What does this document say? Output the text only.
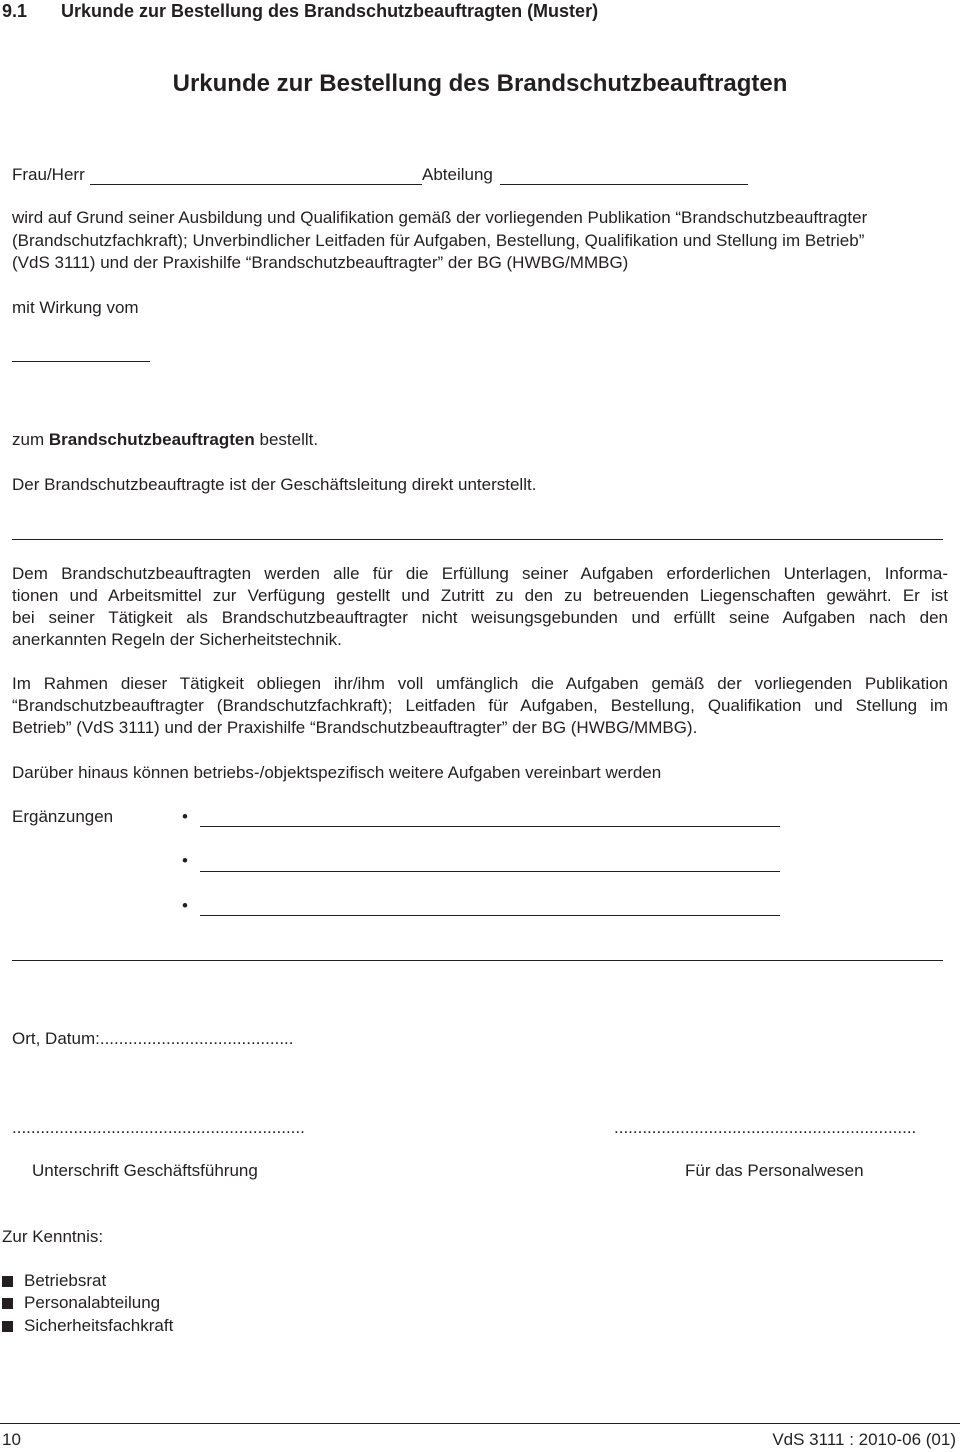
9.1 Urkunde zur Bestellung des Brandschutzbeauftragten (Muster)
Urkunde zur Bestellung des Brandschutzbeauftragten
Frau/Herr	Abteilung
wird auf Grund seiner Ausbildung und Qualifikation gemäß der vorliegenden Publikation “Brandschutzbeauftragter
(Brandschutzfachkraft); Unverbindlicher Leitfaden für Aufgaben, Bestellung, Qualifikation und Stellung im Betrieb”
(VdS 3111) und der Praxishilfe “Brandschutzbeauftragter” der BG (HWBG/MMBG)
mit Wirkung vom
zum Brandschutzbeauftragten bestellt.
Der Brandschutzbeauftragte ist der Geschäftsleitung direkt unterstellt.
Dem Brandschutzbeauftragten werden alle für die Erfüllung seiner Aufgaben erforderlichen Unterlagen, Informa-
tionen und Arbeitsmittel zur Verfügung gestellt und Zutritt zu den zu betreuenden Liegenschaften gewährt. Er ist
bei seiner Tätigkeit als Brandschutzbeauftragter nicht weisungsgebunden und erfüllt seine Aufgaben nach den
anerkannten Regeln der Sicherheitstechnik.
Im Rahmen dieser Tätigkeit obliegen ihr/ihm voll umfänglich die Aufgaben gemäß der vorliegenden Publikation
“Brandschutzbeauftragter (Brandschutzfachkraft); Leitfaden für Aufgaben, Bestellung, Qualifikation und Stellung im
Betrieb” (VdS 3111) und der Praxishilfe “Brandschutzbeauftragter” der BG (HWBG/MMBG).
Darüber hinaus können betriebs-/objektspezifisch weitere Aufgaben vereinbart werden
Ergänzungen	•
•
•
Ort, Datum:.........................................
..............................................................	................................................................
Unterschrift Geschäftsführung	Für das Personalwesen
Zur Kenntnis:
Betriebsrat
Personalabteilung
Sicherheitsfachkraft
10	VdS 3111 : 2010-06 (01)
